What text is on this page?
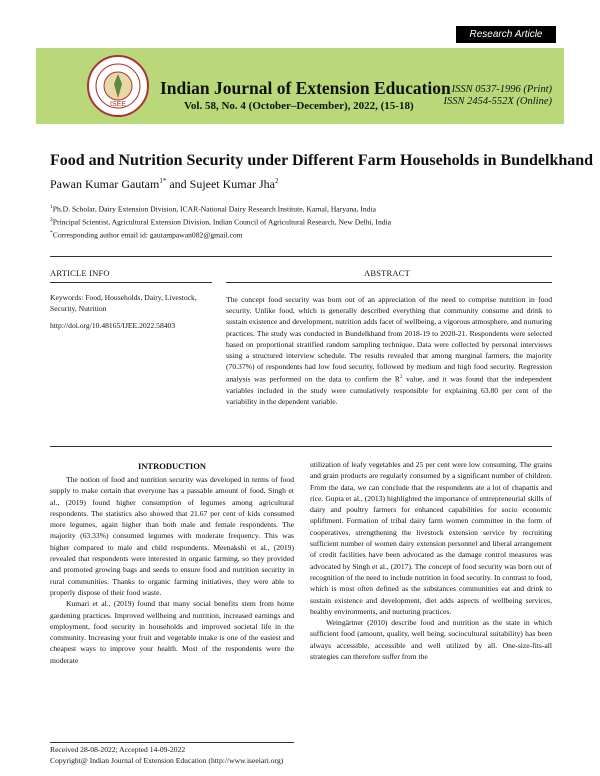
Research Article
ISEE
Indian Journal of Extension Education
Vol. 58, No. 4 (October–December), 2022, (15-18)
ISSN 0537-1996 (Print)
ISSN 2454-552X (Online)
Food and Nutrition Security under Different Farm Households in Bundelkhand
Pawan Kumar Gautam$^{1*}$ and Sujeet Kumar Jha$^2$
$^1$Ph.D. Scholar, Dairy Extension Division, ICAR-National Dairy Research Institute, Karnal, Haryana, India
$^2$Principal Scientist, Agricultural Extension Division, Indian Council of Agricultural Research, New Delhi, India
*Corresponding author email id: gautampawan082@gmail.com
ARTICLE INFO
Keywords: Food, Households, Dairy, Livestock, Security, Nutrition
http://doi.org/10.48165/IJEE.2022.58403
ABSTRACT
The concept food security was born out of an appreciation of the need to comprise nutrition in food security. Unlike food, which is generally described everything that community consume and drink to sustain existence and development, nutrition adds facet of wellbeing, a vigorous atmosphere, and nurturing practices. The study was conducted in Bundelkhand from 2018-19 to 2020-21. Respondents were selected based on proportional stratified random sampling technique. Data were collected by personal interviews using a structured interview schedule. The results revealed that among marginal farmers, the majority (70.37%) of respondents had low food security, followed by medium and high food security. Regression analysis was performed on the data to confirm the $R^2$ value, and it was found that the independent variables included in the study were cumulatively responsible for explaining 63.80 per cent of the variability in the dependent variable.
INTRODUCTION

The notion of food and nutrition security was developed in terms of food supply to make certain that everyone has a passable amount of food. Singh et al., (2019) found higher consumption of legumes among agricultural respondents. The statistics also showed that 21.67 per cent of kids consumed more legumes, again higher than both male and female respondents. The majority (63.33%) consumed legumes with moderate frequency. This was higher compared to male and child respondents. Meenakshi et al., (2019) revealed that respondents were interested in organic farming, so they provided and promoted growing bags and seeds to ensure food and nutrition security in rural communities. Thanks to organic farming initiatives, they were able to properly dispose of their food waste.

Kumari et al., (2019) found that many social benefits stem from home gardening practices. Improved wellbeing and nutrition, increased earnings and employment, food security in households and improved societal life in the community. Increasing your fruit and vegetable intake is one of the easiest and cheapest ways to improve your health. Most of the respondents were the moderate

utilization of leafy vegetables and 25 per cent were low consuming. The grains and grain products are regularly consumed by a significant number of children. From the data, we can conclude that the respondents ate a lot of chapattis and rice. Gupta et al., (2013) highlighted the importance of entrepreneurial skills of dairy and poultry farmers for enhanced capabilities for socio economic upliftment. Formation of tribal dairy farm women committee in the form of cooperatives, strengthening the livestock extension service by recruiting sufficient number of women dairy extension personnel and liberal arrangement of credit facilities have been advocated as the damage control measures was advocated by Singh et al., (2017). The concept of food security was born out of recognition of the need to include nutrition in food security. In contrast to food, which is most often defined as the substances communities eat and drink to sustain existence and development, diet adds aspects of wellbeing services, healthy environments, and nurturing practices.

Weingärtner (2010) describe food and nutrition as the state in which sufficient food (amount, quality, well being, sociocultural suitability) has been always accessible, accessible and well utilized by all. One-size-fits-all strategies can therefore suffer from the

Received 28-08-2022; Accepted 14-09-2022
Copyright@ Indian Journal of Extension Education (http://www.iseeiari.org)
